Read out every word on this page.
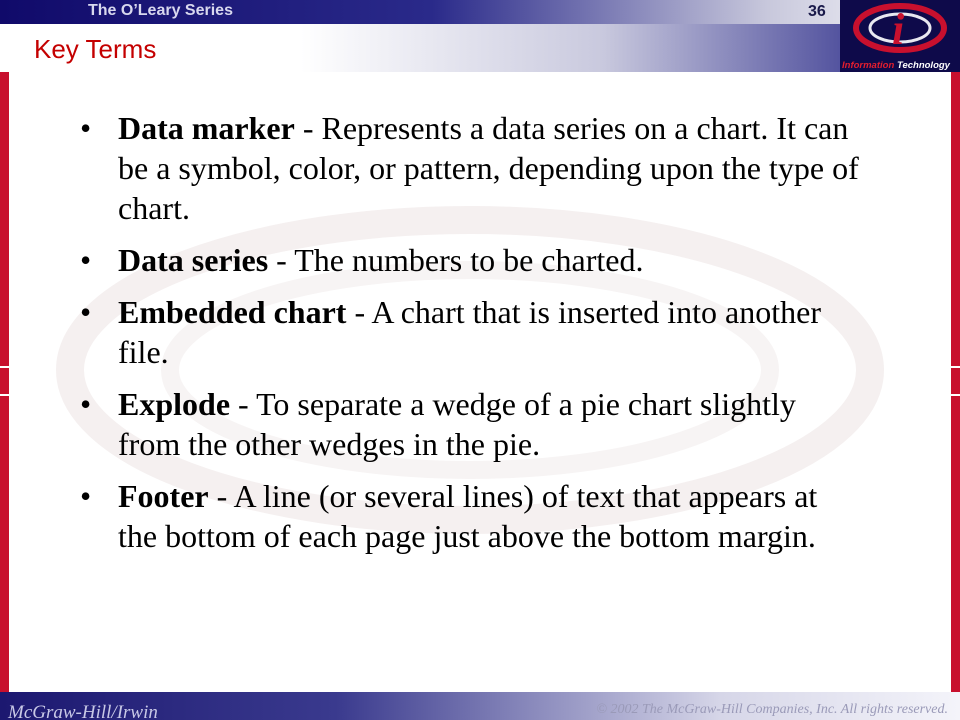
The O’Leary Series	36
Key Terms	i
Information Technology
• Data marker - Represents a data series on a chart. It can be a symbol, color, or pattern, depending upon the type of chart.
• Data series - The numbers to be charted.
• Embedded chart - A chart that is inserted into another file.
• Explode - To separate a wedge of a pie chart slightly from the other wedges in the pie.
• Footer - A line (or several lines) of text that appears at the bottom of each page just above the bottom margin.
McGraw-Hill/Irwin	© 2002 The McGraw-Hill Companies, Inc. All rights reserved.
